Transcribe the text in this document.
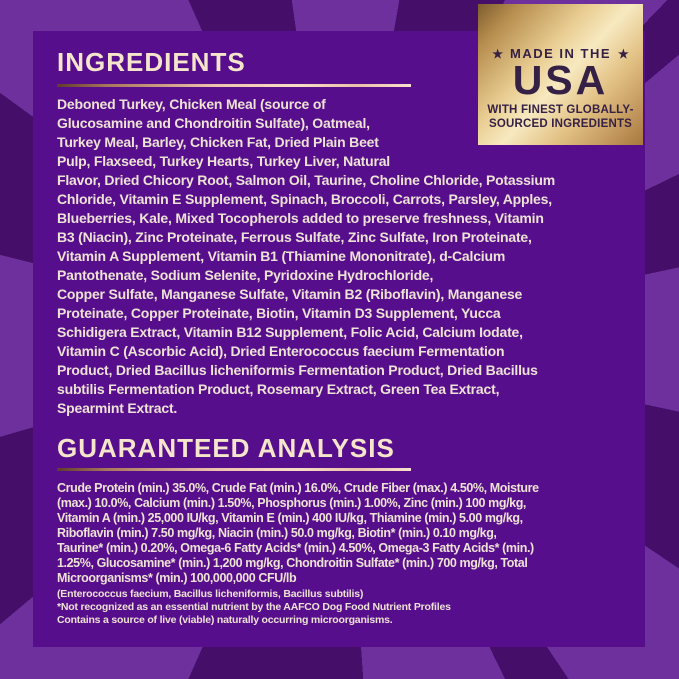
★ MADE IN THE ★
USA
WITH FINEST GLOBALLY-
SOURCED INGREDIENTS
INGREDIENTS
Deboned Turkey, Chicken Meal (source of
Glucosamine and Chondroitin Sulfate), Oatmeal,
Turkey Meal, Barley, Chicken Fat, Dried Plain Beet
Pulp, Flaxseed, Turkey Hearts, Turkey Liver, Natural
Flavor, Dried Chicory Root, Salmon Oil, Taurine, Choline Chloride, Potassium
Chloride, Vitamin E Supplement, Spinach, Broccoli, Carrots, Parsley, Apples,
Blueberries, Kale, Mixed Tocopherols added to preserve freshness, Vitamin
B3 (Niacin), Zinc Proteinate, Ferrous Sulfate, Zinc Sulfate, Iron Proteinate,
Vitamin A Supplement, Vitamin B1 (Thiamine Mononitrate), d-Calcium
Pantothenate, Sodium Selenite, Pyridoxine Hydrochloride,
Copper Sulfate, Manganese Sulfate, Vitamin B2 (Riboflavin), Manganese
Proteinate, Copper Proteinate, Biotin, Vitamin D3 Supplement, Yucca
Schidigera Extract, Vitamin B12 Supplement, Folic Acid, Calcium Iodate,
Vitamin C (Ascorbic Acid), Dried Enterococcus faecium Fermentation
Product, Dried Bacillus licheniformis Fermentation Product, Dried Bacillus
subtilis Fermentation Product, Rosemary Extract, Green Tea Extract,
Spearmint Extract.
GUARANTEED ANALYSIS
Crude Protein (min.) 35.0%, Crude Fat (min.) 16.0%, Crude Fiber (max.) 4.50%, Moisture
(max.) 10.0%, Calcium (min.) 1.50%, Phosphorus (min.) 1.00%, Zinc (min.) 100 mg/kg,
Vitamin A (min.) 25,000 IU/kg, Vitamin E (min.) 400 IU/kg, Thiamine (min.) 5.00 mg/kg,
Riboflavin (min.) 7.50 mg/kg, Niacin (min.) 50.0 mg/kg, Biotin* (min.) 0.10 mg/kg,
Taurine* (min.) 0.20%, Omega-6 Fatty Acids* (min.) 4.50%, Omega-3 Fatty Acids* (min.)
1.25%, Glucosamine* (min.) 1,200 mg/kg, Chondroitin Sulfate* (min.) 700 mg/kg, Total
Microorganisms* (min.) 100,000,000 CFU/lb
(Enterococcus faecium, Bacillus licheniformis, Bacillus subtilis)
*Not recognized as an essential nutrient by the AAFCO Dog Food Nutrient Profiles
Contains a source of live (viable) naturally occurring microorganisms.
